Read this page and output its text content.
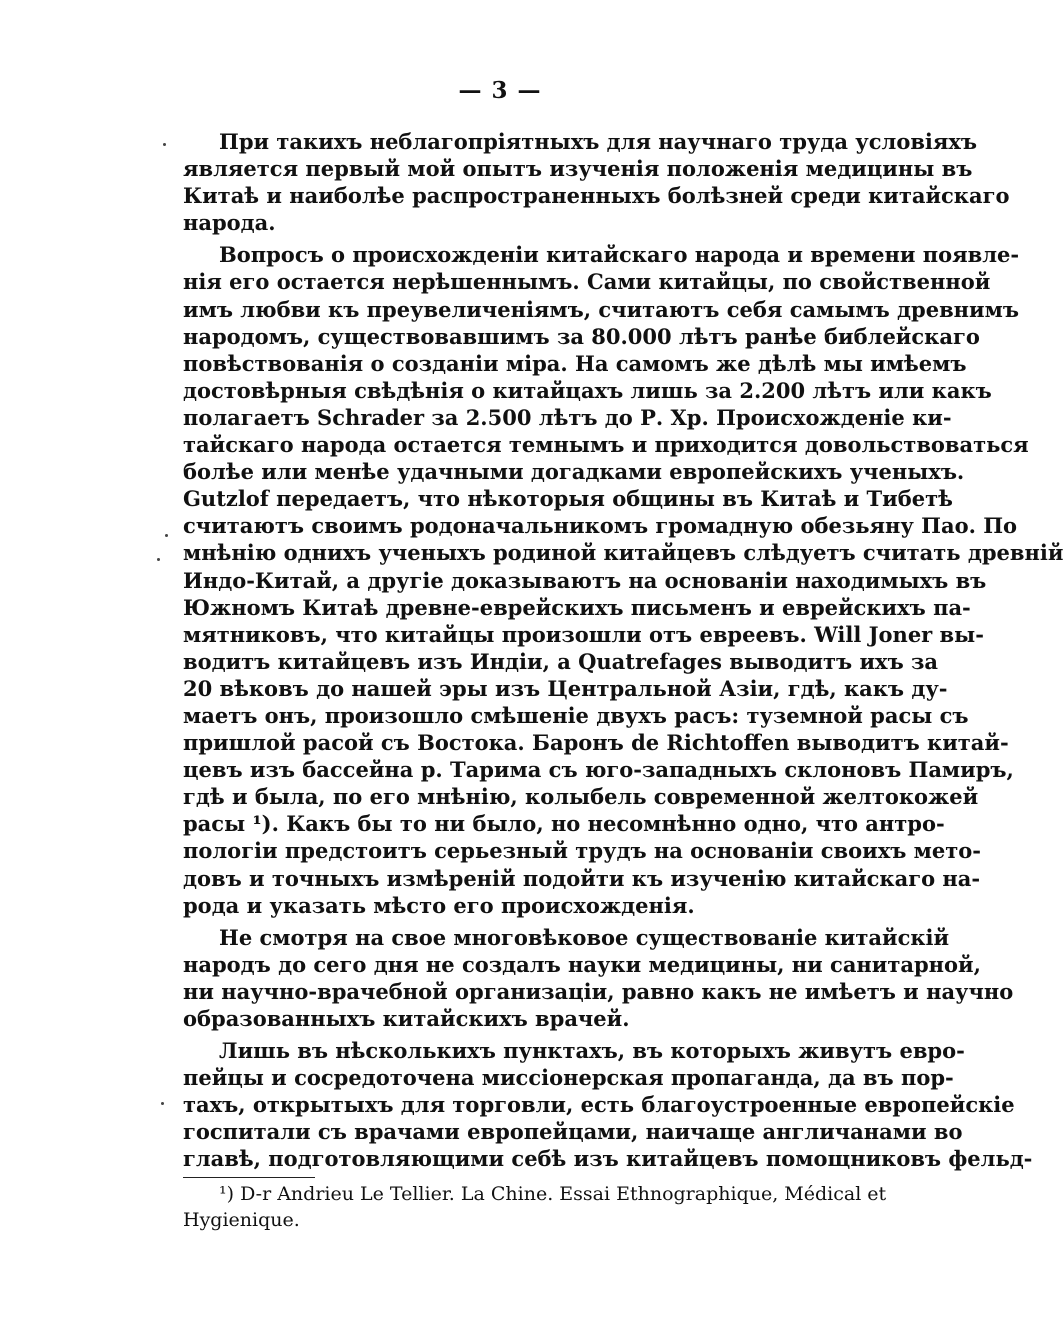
— 3 —
При такихъ неблагопріятныхъ для научнаго труда условіяхъ
является первый мой опытъ изученія положенія медицины въ
Китаѣ и наиболѣе распространенныхъ болѣзней среди китайскаго
народа.
Вопросъ о происхожденіи китайскаго народа и времени появле-
нія его остается нерѣшеннымъ. Сами китайцы, по свойственной
имъ любви къ преувеличеніямъ, считаютъ себя самымъ древнимъ
народомъ, существовавшимъ за 80.000 лѣтъ ранѣе библейскаго
повѣствованія о созданіи міра. На самомъ же дѣлѣ мы имѣемъ
достовѣрныя свѣдѣнія о китайцахъ лишь за 2.200 лѣтъ или какъ
полагаетъ Schrader за 2.500 лѣтъ до Р. Хр. Происхожденіе ки-
тайскаго народа остается темнымъ и приходится довольствоваться
болѣе или менѣе удачными догадками европейскихъ ученыхъ.
Gutzlof передаетъ, что нѣкоторыя общины въ Китаѣ и Тибетѣ
считаютъ своимъ родоначальникомъ громадную обезьяну Пао. По
мнѣнію однихъ ученыхъ родиной китайцевъ слѣдуетъ считать древній
Индо-Китай, а другіе доказываютъ на основаніи находимыхъ въ
Южномъ Китаѣ древне-еврейскихъ письменъ и еврейскихъ па-
мятниковъ, что китайцы произошли отъ евреевъ. Will Joner вы-
водитъ китайцевъ изъ Индіи, а Quatrefages выводитъ ихъ за
20 вѣковъ до нашей эры изъ Центральной Азіи, гдѣ, какъ ду-
маетъ онъ, произошло смѣшеніе двухъ расъ: туземной расы съ
пришлой расой съ Востока. Баронъ de Richtoffen выводитъ китай-
цевъ изъ бассейна р. Тарима съ юго-западныхъ склоновъ Памиръ,
гдѣ и была, по его мнѣнію, колыбель современной желтокожей
расы ¹). Какъ бы то ни было, но несомнѣнно одно, что антро-
пологіи предстоитъ серьезный трудъ на основаніи своихъ мето-
довъ и точныхъ измѣреній подойти къ изученію китайскаго на-
рода и указать мѣсто его происхожденія.
Не смотря на свое многовѣковое существованіе китайскій
народъ до сего дня не создалъ науки медицины, ни санитарной,
ни научно-врачебной организаціи, равно какъ не имѣетъ и научно
образованныхъ китайскихъ врачей.
Лишь въ нѣсколькихъ пунктахъ, въ которыхъ живутъ евро-
пейцы и сосредоточена миссіонерская пропаганда, да въ пор-
тахъ, открытыхъ для торговли, есть благоустроенные европейскіе
госпитали съ врачами европейцами, наичаще англичанами во
главѣ, подготовляющими себѣ изъ китайцевъ помощниковъ фельд-
¹) D-r Andrieu Le Tellier. La Chine. Essai Ethnographique, Médical et
Hygienique.
